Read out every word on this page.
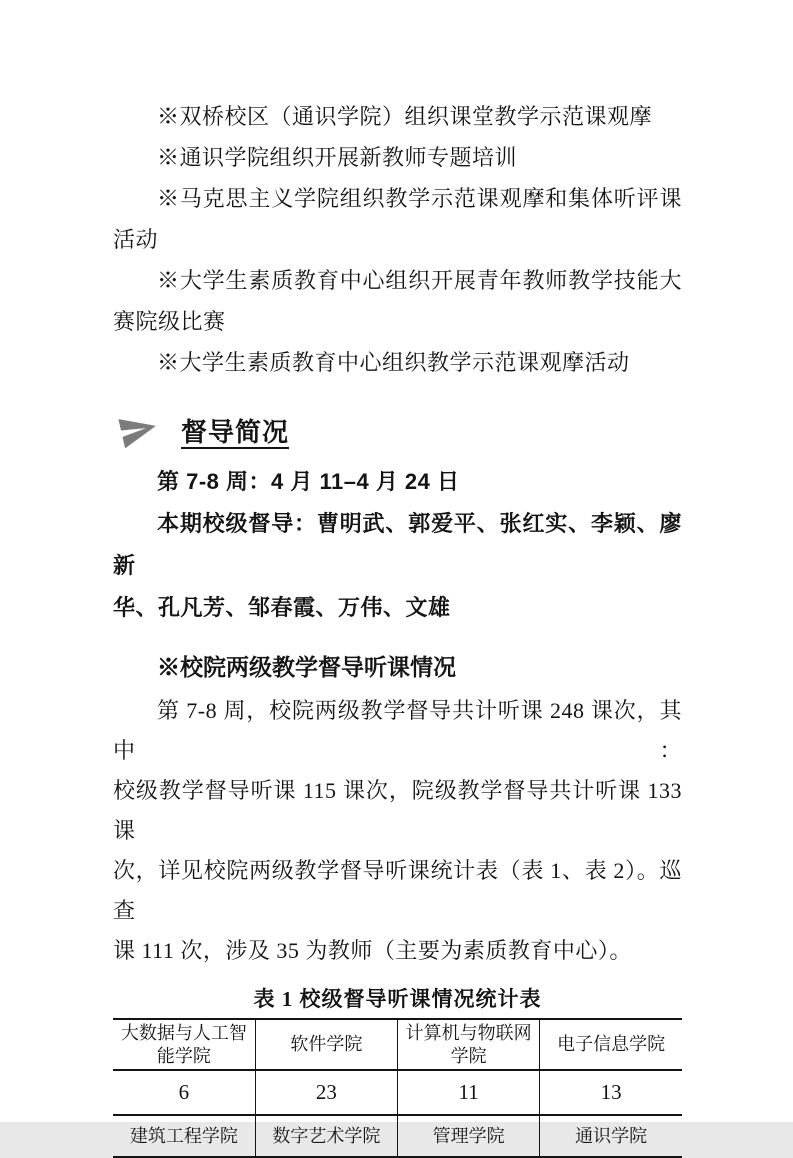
※双桥校区（通识学院）组织课堂教学示范课观摩
※通识学院组织开展新教师专题培训
※马克思主义学院组织教学示范课观摩和集体听评课
活动
※大学生素质教育中心组织开展青年教师教学技能大
赛院级比赛
※大学生素质教育中心组织教学示范课观摩活动
督导简况
第 7-8 周：4 月 11–4 月 24 日
本期校级督导：曹明武、郭爱平、张红实、李颖、廖新
华、孔凡芳、邹春霞、万伟、文雄
※校院两级教学督导听课情况
第 7-8 周，校院两级教学督导共计听课 248 课次，其中：
校级教学督导听课 115 课次，院级教学督导共计听课 133 课
次，详见校院两级教学督导听课统计表（表 1、表 2）。巡查
课 111 次，涉及 35 为教师（主要为素质教育中心）。
表 1 校级督导听课情况统计表
大数据与人工智能学院	软件学院	计算机与物联网学院	电子信息学院
6	23	11	13
建筑工程学院	数字艺术学院	管理学院	通识学院
